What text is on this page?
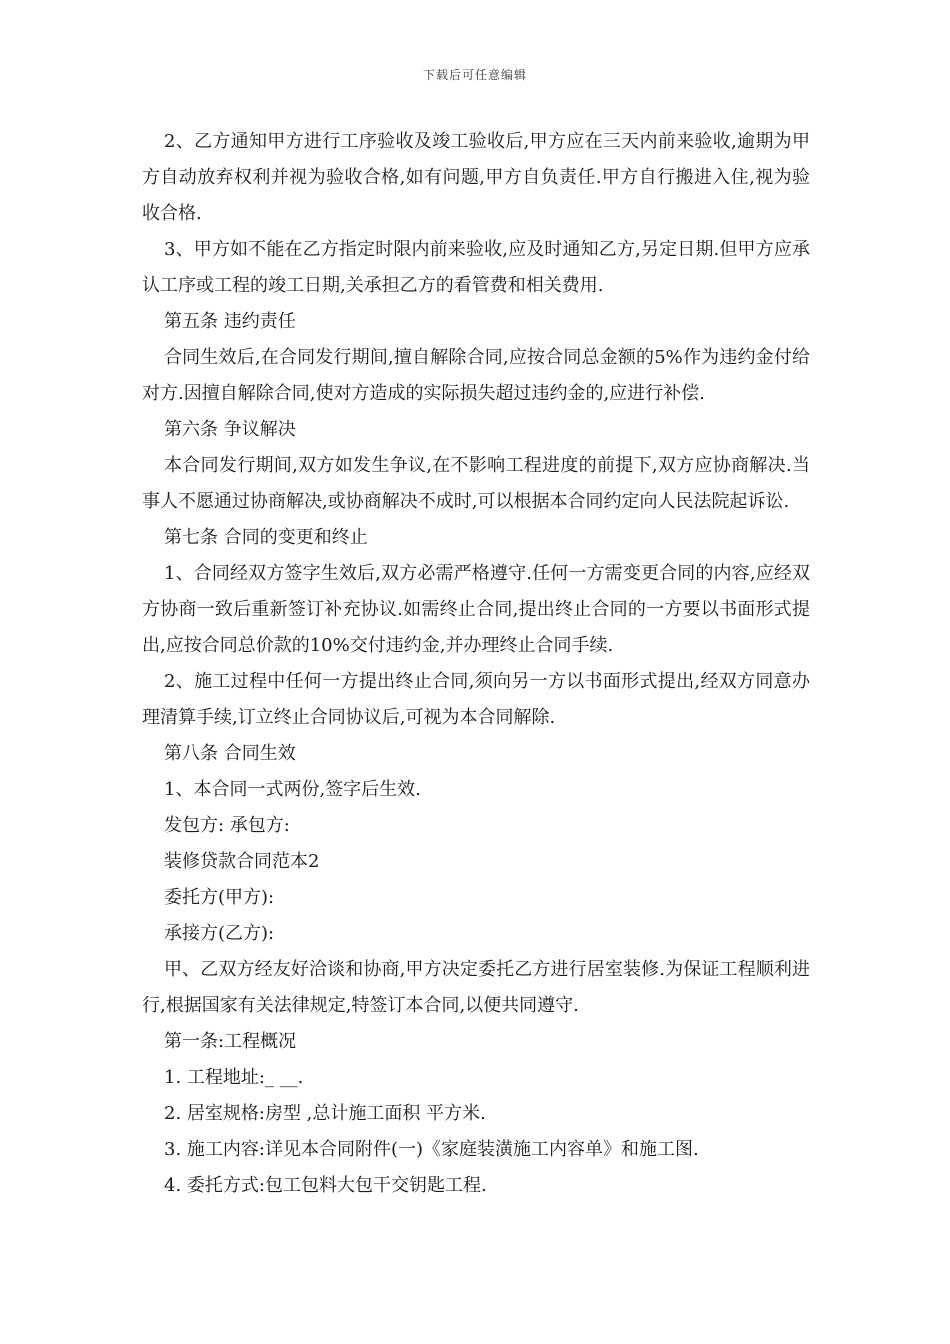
下载后可任意编辑

2、乙方通知甲方进行工序验收及竣工验收后,甲方应在三天内前来验收,逾期为甲方自动放弃权利并视为验收合格,如有问题,甲方自负责任.甲方自行搬进入住,视为验收合格.

3、甲方如不能在乙方指定时限内前来验收,应及时通知乙方,另定日期.但甲方应承认工序或工程的竣工日期,关承担乙方的看管费和相关费用.

第五条 违约责任

合同生效后,在合同发行期间,擅自解除合同,应按合同总金额的5%作为违约金付给对方.因擅自解除合同,使对方造成的实际损失超过违约金的,应进行补偿.

第六条 争议解决

本合同发行期间,双方如发生争议,在不影响工程进度的前提下,双方应协商解决.当事人不愿通过协商解决,或协商解决不成时,可以根据本合同约定向人民法院起诉讼.

第七条 合同的变更和终止

1、合同经双方签字生效后,双方必需严格遵守.任何一方需变更合同的内容,应经双方协商一致后重新签订补充协议.如需终止合同,提出终止合同的一方要以书面形式提出,应按合同总价款的10%交付违约金,并办理终止合同手续.

2、施工过程中任何一方提出终止合同,须向另一方以书面形式提出,经双方同意办理清算手续,订立终止合同协议后,可视为本合同解除.

第八条 合同生效

1、本合同一式两份,签字后生效.

发包方: 承包方:

装修贷款合同范本2

委托方(甲方):

承接方(乙方):

甲、乙双方经友好洽谈和协商,甲方决定委托乙方进行居室装修.为保证工程顺利进行,根据国家有关法律规定,特签订本合同,以便共同遵守.

第一条:工程概况

1. 工程地址:_ __.

2. 居室规格:房型 ,总计施工面积 平方米.

3. 施工内容:详见本合同附件(一)《家庭装潢施工内容单》和施工图.

4. 委托方式:包工包料大包干交钥匙工程.
